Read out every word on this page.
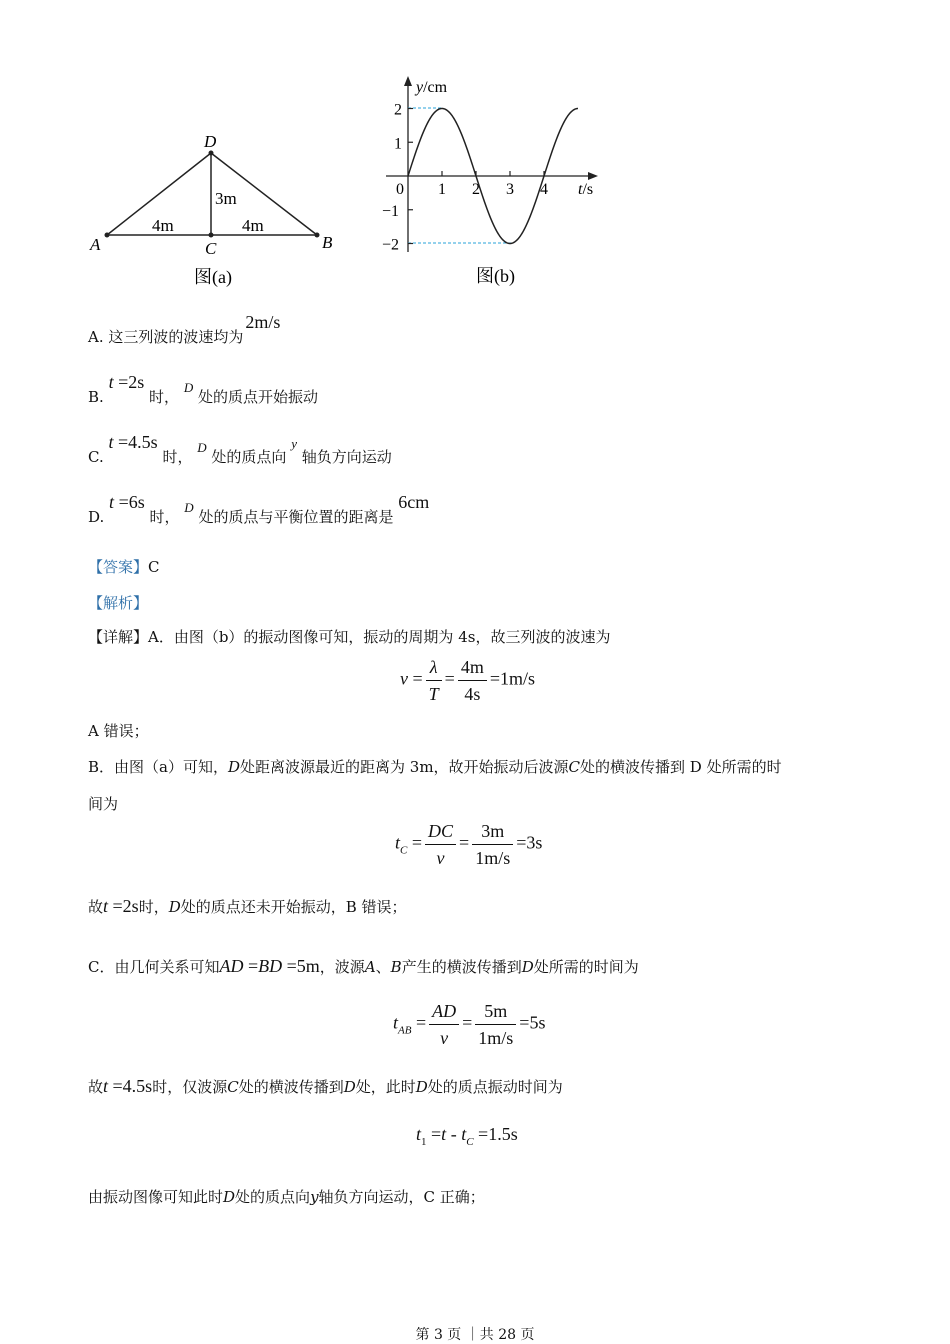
A	B
C
D
4m	4m
3m
图(a)
y/cm
t/s
0 1 2 3 4
2
1
−1
−2
图(b)
A. 这三列波的波速均为2m/s
B. t =2s 时， D 处的质点开始振动
C. t =4.5s 时， D 处的质点向 y 轴负方向运动
D. t =6s 时， D 处的质点与平衡位置的距离是 6cm
【答案】C
【解析】
【详解】A．由图（b）的振动图像可知，振动的周期为 4s，故三列波的波速为
$v = \frac{\lambda}{T} = \frac{4m}{4s} =1m/s$
A 错误；
B．由图（a）可知，D处距离波源最近的距离为 3m，故开始振动后波源C处的横波传播到 D 处所需的时
间为
$t_C = \frac{DC}{v} = \frac{3m}{1m/s} =3s$
故t =2s时，D处的质点还未开始振动，B 错误；
C．由几何关系可知AD =BD =5m，波源A、B产生的横波传播到D处所需的时间为
$t_{AB} = \frac{AD}{v} = \frac{5m}{1m/s} =5s$
故t =4.5s时，仅波源C处的横波传播到D处，此时D处的质点振动时间为
$t_1 =t - t_C =1.5s$
由振动图像可知此时D处的质点向y轴负方向运动，C 正确；
第 3 页 ｜共 28 页
